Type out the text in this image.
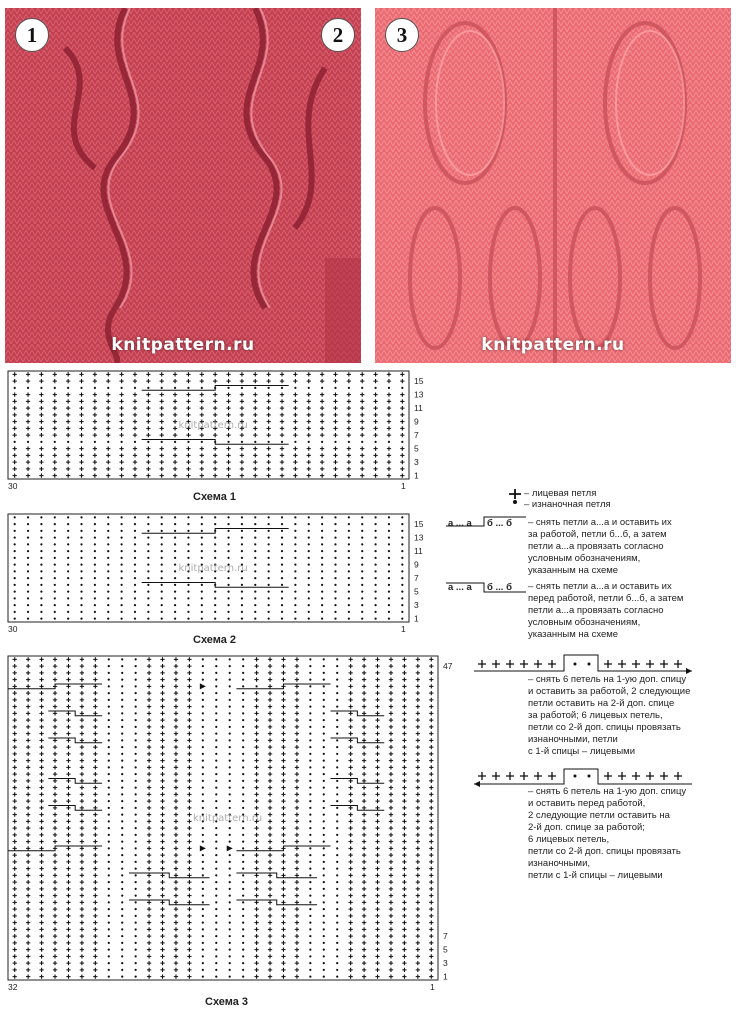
1	2
knitpattern.ru
3
knitpattern.ru
15
13
11
9
7
5
3
1
30	1
knitpattern.ru
15
13
11
9
7
5
3
1
30	1
knitpattern.ru
47
7
5
3
1
32	1
knitpattern.ru
Схема 1
Схема 2
Схема 3
– лицевая петля
– изнаночная петля
а ... а б ... б – снять петли а...а и оставить их
за работой, петли б...б, а затем
петли а...а провязать согласно
условным обозначениям,
указанным на схеме
а ... а б ... б – снять петли а...а и оставить их
перед работой, петли б...б, а затем
петли а...а провязать согласно
условным обозначениям,
указанным на схеме
– снять 6 петель на 1-ую доп. спицу
и оставить за работой, 2 следующие
петли оставить на 2-й доп. спице
за работой; 6 лицевых петель,
петли со 2-й доп. спицы провязать
изнаночными, петли
с 1-й спицы – лицевыми
– снять 6 петель на 1-ую доп. спицу
и оставить перед работой,
2 следующие петли оставить на
2-й доп. спице за работой;
6 лицевых петель,
петли со 2-й доп. спицы провязать
изнаночными,
петли с 1-й спицы – лицевыми
